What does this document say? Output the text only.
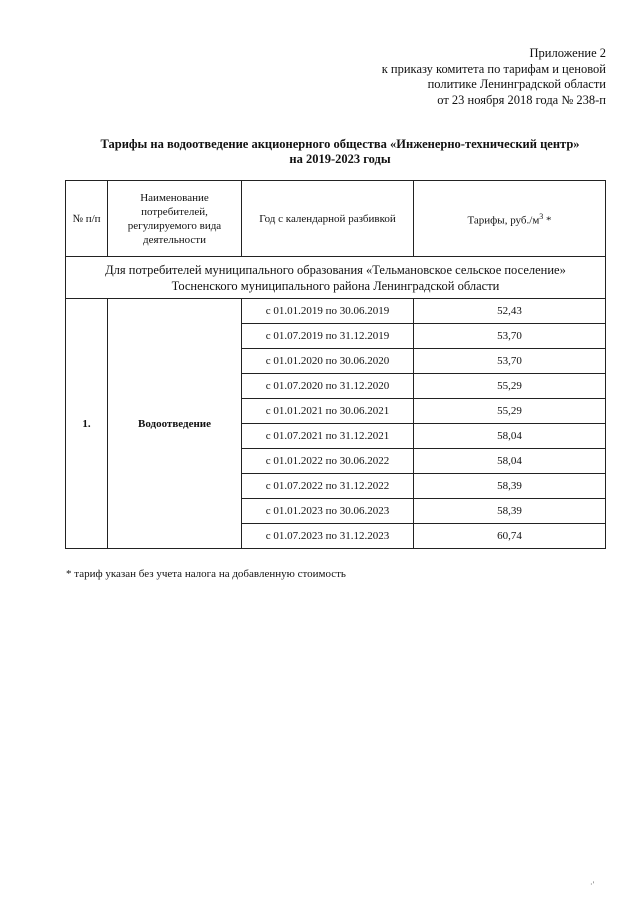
Приложение 2
к приказу комитета по тарифам и ценовой
политике Ленинградской области
от 23 ноября 2018 года № 238-п
Тарифы на водоотведение акционерного общества «Инженерно-технический центр»
на 2019-2023 годы
№ п/п	Наименование потребителей, регулируемого вида деятельности	Год с календарной разбивкой	Тарифы, $руб./м^3$ *

Для потребителей муниципального образования «Тельмановское сельское поселение»
Тосненского муниципального района Ленинградской области			

1.	Водоотведение	с 01.01.2019 по 30.06.2019	52,43
		с 01.07.2019 по 31.12.2019	53,70
		с 01.01.2020 по 30.06.2020	53,70
		с 01.07.2020 по 31.12.2020	55,29
		с 01.01.2021 по 30.06.2021	55,29
		с 01.07.2021 по 31.12.2021	58,04
		с 01.01.2022 по 30.06.2022	58,04
		с 01.07.2022 по 31.12.2022	58,39
		с 01.01.2023 по 30.06.2023	58,39
		с 01.07.2023 по 31.12.2023	60,74
* тариф указан без учета налога на добавленную стоимость
·'
